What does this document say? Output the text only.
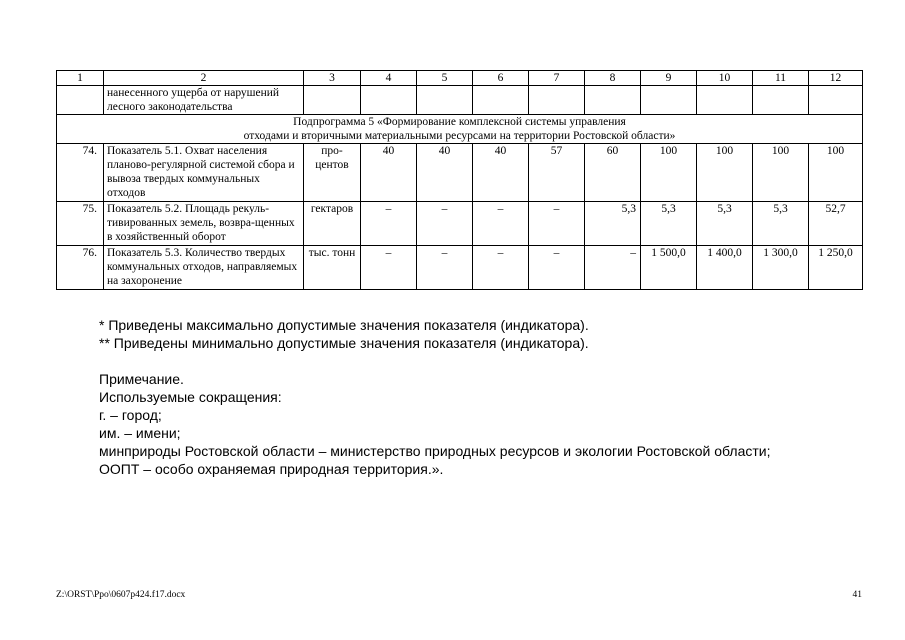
1	2	3	4	5	6	7	8	9	10	11	12
	нанесенного ущерба от нарушений лесного законодательства										

Подпрограмма 5 «Формирование комплексной системы управления
отходами и вторичными материальными ресурсами на территории Ростовской области»											

74.	Показатель 5.1. Охват населения планово-регулярной системой сбора и вывоза твердых коммунальных отходов	про-центов	40	40	40	57	60	100	100	100	100
75.	Показатель 5.2. Площадь рекуль-тивированных земель, возвра-щенных в хозяйственный оборот	гектаров	–	–	–	–	5,3	5,3	5,3	5,3	52,7
76.	Показатель 5.3. Количество твердых коммунальных отходов, направляемых на захоронение	тыс. тонн	–	–	–	–	–	1 500,0	1 400,0	1 300,0	1 250,0
* Приведены максимально допустимые значения показателя (индикатора).
** Приведены минимально допустимые значения показателя (индикатора).
Примечание.
Используемые сокращения:
г. – город;
им. – имени;
минприроды Ростовской области – министерство природных ресурсов и экологии Ростовской области;
ООПТ – особо охраняемая природная территория.».
Z:\ORST\Ppo\0607p424.f17.docx	41
